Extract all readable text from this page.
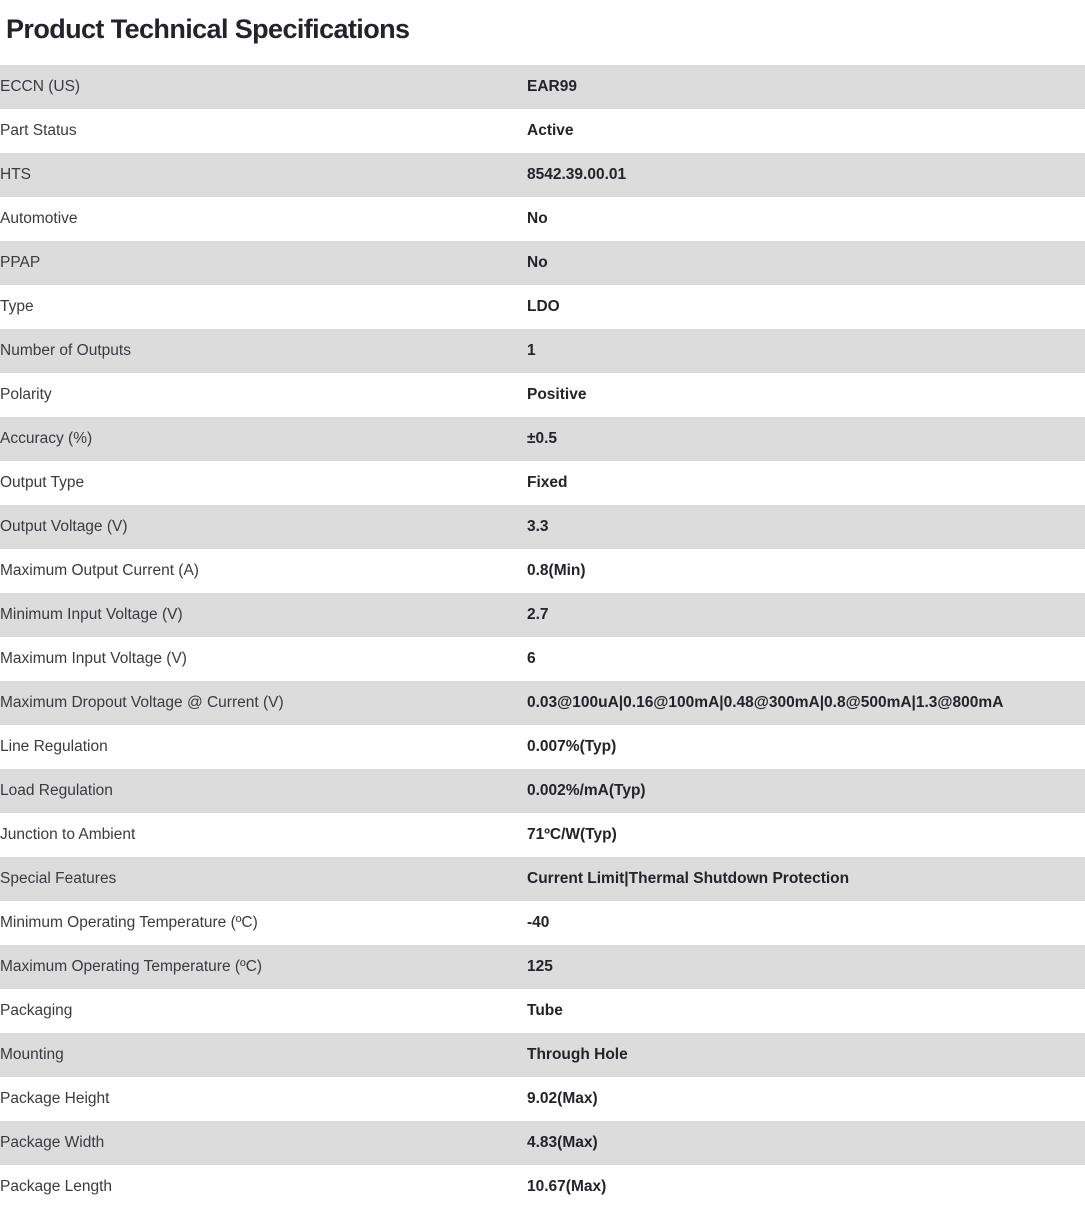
Product Technical Specifications
ECCN (US)	EAR99
Part Status	Active
HTS	8542.39.00.01
Automotive	No
PPAP	No
Type	LDO
Number of Outputs	1
Polarity	Positive
Accuracy (%)	±0.5
Output Type	Fixed
Output Voltage (V)	3.3
Maximum Output Current (A)	0.8(Min)
Minimum Input Voltage (V)	2.7
Maximum Input Voltage (V)	6
Maximum Dropout Voltage @ Current (V)	0.03@100uA|0.16@100mA|0.48@300mA|0.8@500mA|1.3@800mA
Line Regulation	0.007%(Typ)
Load Regulation	0.002%/mA(Typ)
Junction to Ambient	71ºC/W(Typ)
Special Features	Current Limit|Thermal Shutdown Protection
Minimum Operating Temperature (ºC)	-40
Maximum Operating Temperature (ºC)	125
Packaging	Tube
Mounting	Through Hole
Package Height	9.02(Max)
Package Width	4.83(Max)
Package Length	10.67(Max)
